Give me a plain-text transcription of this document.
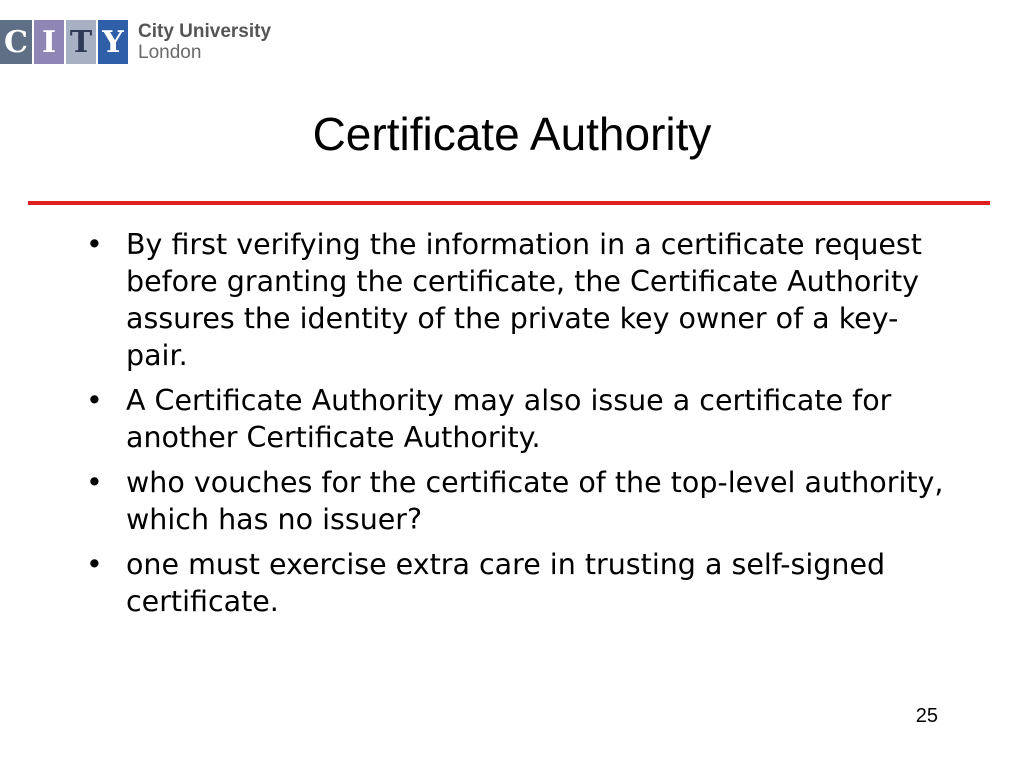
C I T Y City University
London
Certificate Authority
• By first verifying the information in a certificate request before granting the certificate, the Certificate Authority assures the identity of the private key owner of a key-pair.
• A Certificate Authority may also issue a certificate for another Certificate Authority.
• who vouches for the certificate of the top-level authority, which has no issuer?
• one must exercise extra care in trusting a self-signed certificate.
25
